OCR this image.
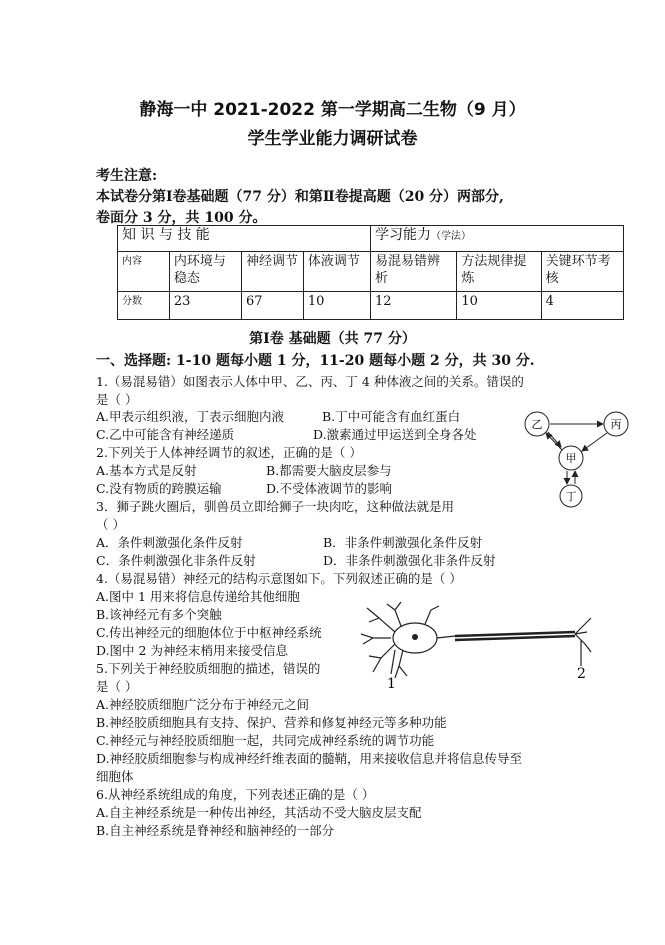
静海一中 2021-2022 第一学期高二生物（9 月）
学生学业能力调研试卷
考生注意:
本试卷分第Ⅰ卷基础题（77 分）和第Ⅱ卷提高题（20 分）两部分,
卷面分 3 分，共 100 分。
知 识 与 技 能				学习能力（学法）		
内容	内环境与稳态	神经调节	体液调节	易混易错辨析	方法规律提炼	关键环节考核
分数	23	67	10	12	10	4
第Ⅰ卷 基础题（共 77 分）
一、选择题: 1-10 题每小题 1 分，11-20 题每小题 2 分，共 30 分.
1.（易混易错）如图表示人体中甲、乙、丙、丁 4 种体液之间的关系。错误的
是（ ）
A.甲表示组织液，丁表示细胞内液	B.丁中可能含有血红蛋白
C.乙中可能含有神经递质	D.激素通过甲运送到全身各处
乙	丙
甲
丁
2.下列关于人体神经调节的叙述，正确的是（ ）
A.基本方式是反射	B.都需要大脑皮层参与
C.没有物质的跨膜运输	D.不受体液调节的影响
3．狮子跳火圈后，驯兽员立即给狮子一块肉吃，这种做法就是用
（ ）
A．条件刺激强化条件反射	B．非条件刺激强化条件反射
C．条件刺激强化非条件反射	D．非条件刺激强化非条件反射
4.（易混易错）神经元的结构示意图如下。下列叙述正确的是（ ）
A.图中 1 用来将信息传递给其他细胞
B.该神经元有多个突触
C.传出神经元的细胞体位于中枢神经系统
D.图中 2 为神经末梢用来接受信息
1
2
5.下列关于神经胶质细胞的描述，错误的
是（ ）
A.神经胶质细胞广泛分布于神经元之间
B.神经胶质细胞具有支持、保护、营养和修复神经元等多种功能
C.神经元与神经胶质细胞一起，共同完成神经系统的调节功能
D.神经胶质细胞参与构成神经纤维表面的髓鞘，用来接收信息并将信息传导至
细胞体
6.从神经系统组成的角度，下列表述正确的是（ ）
A.自主神经系统是一种传出神经，其活动不受大脑皮层支配
B.自主神经系统是脊神经和脑神经的一部分
